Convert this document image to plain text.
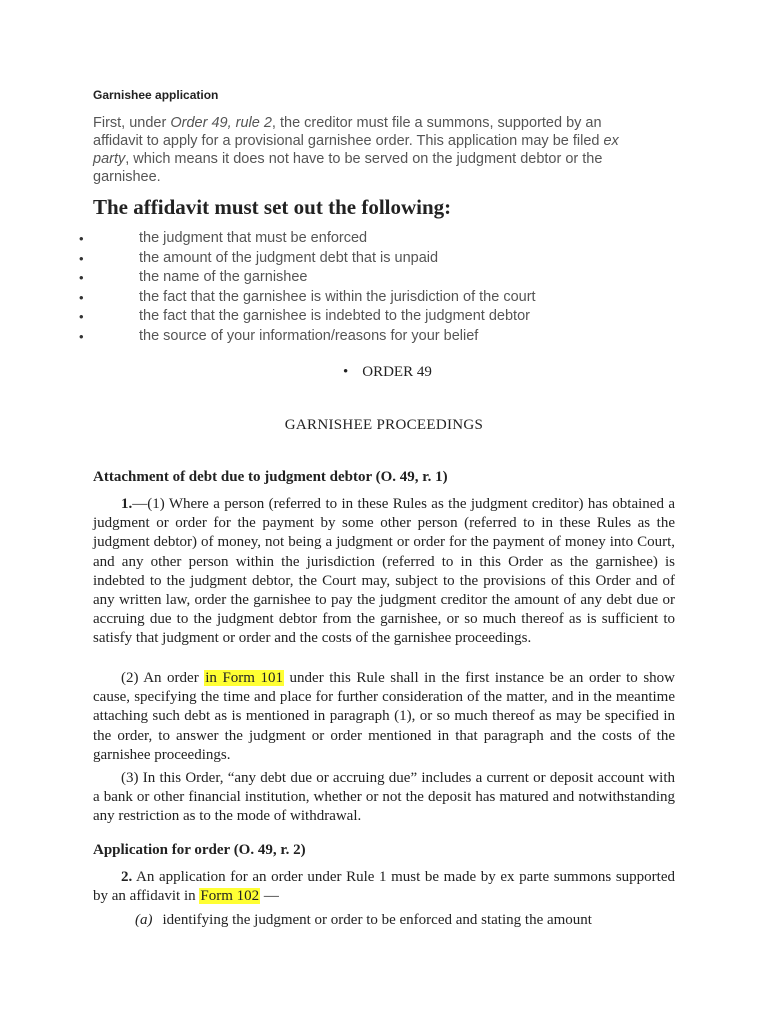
Garnishee application
First, under Order 49, rule 2, the creditor must file a summons, supported by an affidavit to apply for a provisional garnishee order. This application may be filed ex party, which means it does not have to be served on the judgment debtor or the garnishee.
The affidavit must set out the following:
•	the judgment that must be enforced
•	the amount of the judgment debt that is unpaid
•	the name of the garnishee
•	the fact that the garnishee is within the jurisdiction of the court
•	the fact that the garnishee is indebted to the judgment debtor
•	the source of your information/reasons for your belief
• ORDER 49
GARNISHEE PROCEEDINGS
Attachment of debt due to judgment debtor (O. 49, r. 1)
1.—(1) Where a person (referred to in these Rules as the judgment creditor) has obtained a judgment or order for the payment by some other person (referred to in these Rules as the judgment debtor) of money, not being a judgment or order for the payment of money into Court, and any other person within the jurisdiction (referred to in this Order as the garnishee) is indebted to the judgment debtor, the Court may, subject to the provisions of this Order and of any written law, order the garnishee to pay the judgment creditor the amount of any debt due or accruing due to the judgment debtor from the garnishee, or so much thereof as is sufficient to satisfy that judgment or order and the costs of the garnishee proceedings.
(2) An order in Form 101 under this Rule shall in the first instance be an order to show cause, specifying the time and place for further consideration of the matter, and in the meantime attaching such debt as is mentioned in paragraph (1), or so much thereof as may be specified in the order, to answer the judgment or order mentioned in that paragraph and the costs of the garnishee proceedings.
(3) In this Order, “any debt due or accruing due” includes a current or deposit account with a bank or other financial institution, whether or not the deposit has matured and notwithstanding any restriction as to the mode of withdrawal.
Application for order (O. 49, r. 2)
2. An application for an order under Rule 1 must be made by ex parte summons supported by an affidavit in Form 102 —
(a) identifying the judgment or order to be enforced and stating the amount
